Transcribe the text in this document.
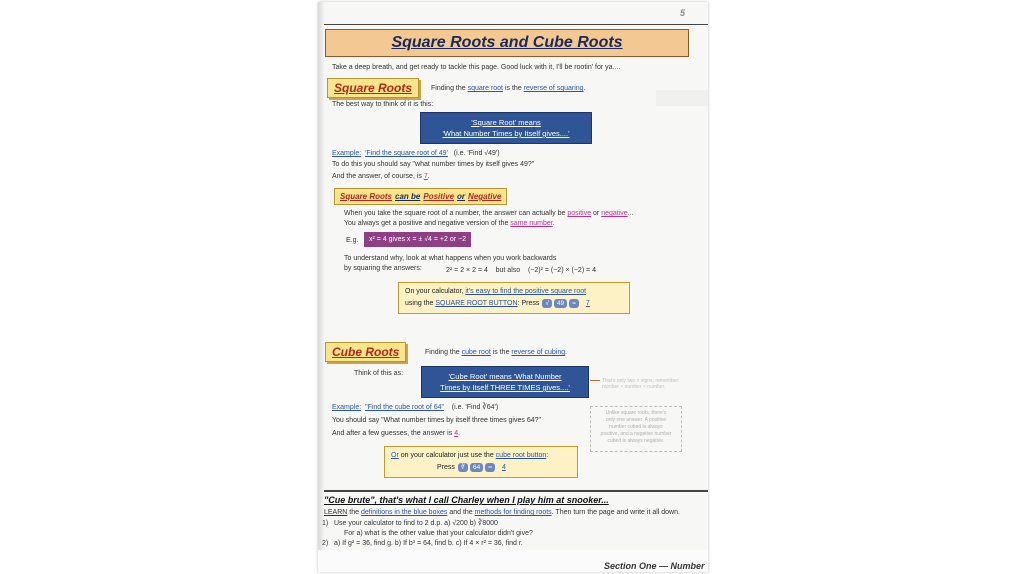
5
Square Roots and Cube Roots
Take a deep breath, and get ready to tackle this page. Good luck with it, I'll be rootin' for ya....
Square Roots	Finding the square root is the reverse of squaring.
The best way to think of it is this:
'Square Root' means
'What Number Times by Itself gives....'
Example: 'Find the square root of 49' (i.e. 'Find √49')
To do this you should say "what number times by itself gives 49?"
And the answer, of course, is 7.
Square Roots can be Positive or Negative
When you take the square root of a number, the answer can actually be positive or negative...
You always get a positive and negative version of the same number.
E.g.	x² = 4 gives x = ± √4 = +2 or −2
To understand why, look at what happens when you work backwards
by squaring the answers:	2² = 2 × 2 = 4 but also (−2)² = (−2) × (−2) = 4
On your calculator, it's easy to find the positive square root
using the SQUARE ROOT BUTTON: Press √ 49 = 7
Cube Roots	Finding the cube root is the reverse of cubing.
Think of this as:	'Cube Root' means 'What Number
Times by Itself THREE TIMES gives....'
That's only two × signs, remember: number × number × number.
Example: "Find the cube root of 64" (i.e. 'Find ∛64')
You should say "What number times by itself three times gives 64?"
And after a few guesses, the answer is 4.
Unlike square roots, there's
only one answer. A positive
number cubed is always
positive, and a negative number
cubed is always negative.
Or on your calculator just use the cube root button:
Press ∛ 64 = 4
"Cue brute", that's what I call Charley when I play him at snooker...
LEARN the definitions in the blue boxes and the methods for finding roots. Then turn the page and write it all down.
1) Use your calculator to find to 2 d.p. a) √200 b) ∛8000
For a) what is the other value that your calculator didn't give?
2) a) If g² = 36, find g. b) If b³ = 64, find b. c) If 4 × r² = 36, find r.
Section One — Number
